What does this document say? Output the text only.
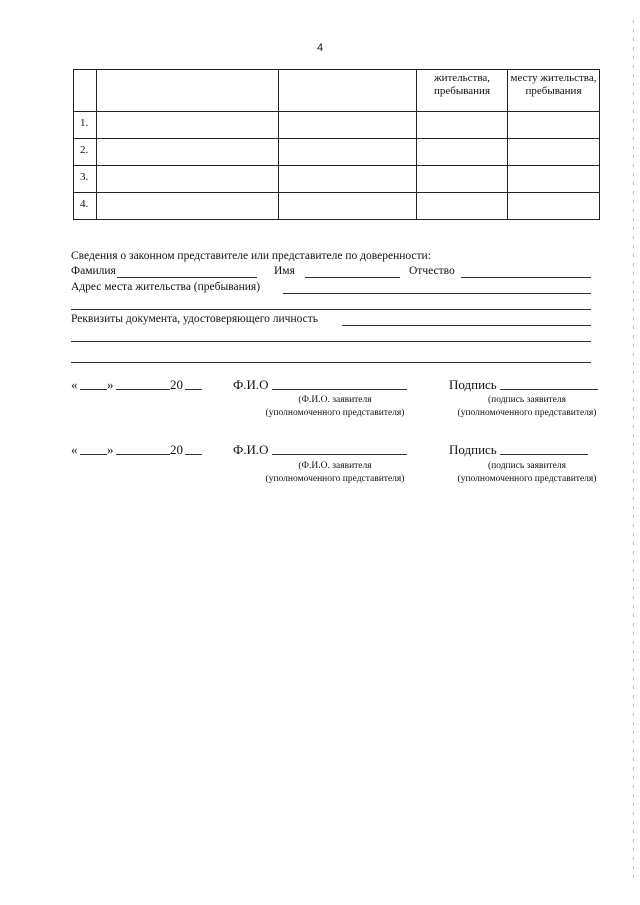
4
			жительства, пребывания	месту жительства, пребывания
1.				
2.				
3.				
4.				
Сведения о законном представителе или представителе по доверенности:
Фамилия	Имя	Отчество
Адрес места жительства (пребывания)
Реквизиты документа, удостоверяющего личность
« »	20	Ф.И.О	Подпись
(Ф.И.О. заявителя
(уполномоченного представителя)
(подпись заявителя
(уполномоченного представителя)
« »	20	Ф.И.О	Подпись
(Ф.И.О. заявителя
(уполномоченного представителя)
(подпись заявителя
(уполномоченного представителя)
